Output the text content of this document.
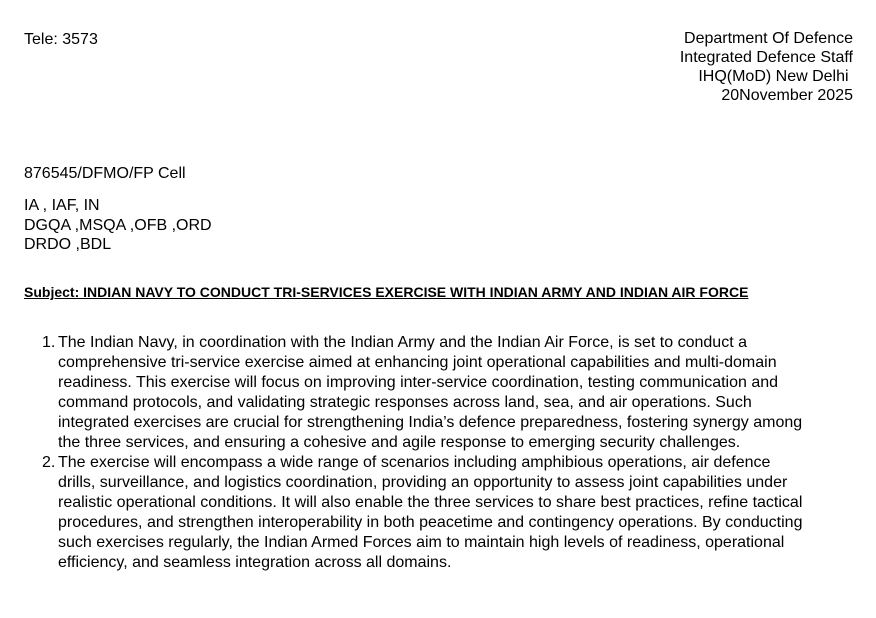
Tele: 3573	Department Of Defence
Integrated Defence Staff
IHQ(MoD) New Delhi
20November 2025
876545/DFMO/FP Cell
IA , IAF, IN
DGQA ,MSQA ,OFB ,ORD
DRDO ,BDL
Subject: INDIAN NAVY TO CONDUCT TRI-SERVICES EXERCISE WITH INDIAN ARMY AND INDIAN AIR FORCE
1. The Indian Navy, in coordination with the Indian Army and the Indian Air Force, is set to conduct a comprehensive tri-service exercise aimed at enhancing joint operational capabilities and multi-domain readiness. This exercise will focus on improving inter-service coordination, testing communication and command protocols, and validating strategic responses across land, sea, and air operations. Such integrated exercises are crucial for strengthening India’s defence preparedness, fostering synergy among the three services, and ensuring a cohesive and agile response to emerging security challenges.
2. The exercise will encompass a wide range of scenarios including amphibious operations, air defence drills, surveillance, and logistics coordination, providing an opportunity to assess joint capabilities under realistic operational conditions. It will also enable the three services to share best practices, refine tactical procedures, and strengthen interoperability in both peacetime and contingency operations. By conducting such exercises regularly, the Indian Armed Forces aim to maintain high levels of readiness, operational efficiency, and seamless integration across all domains.
